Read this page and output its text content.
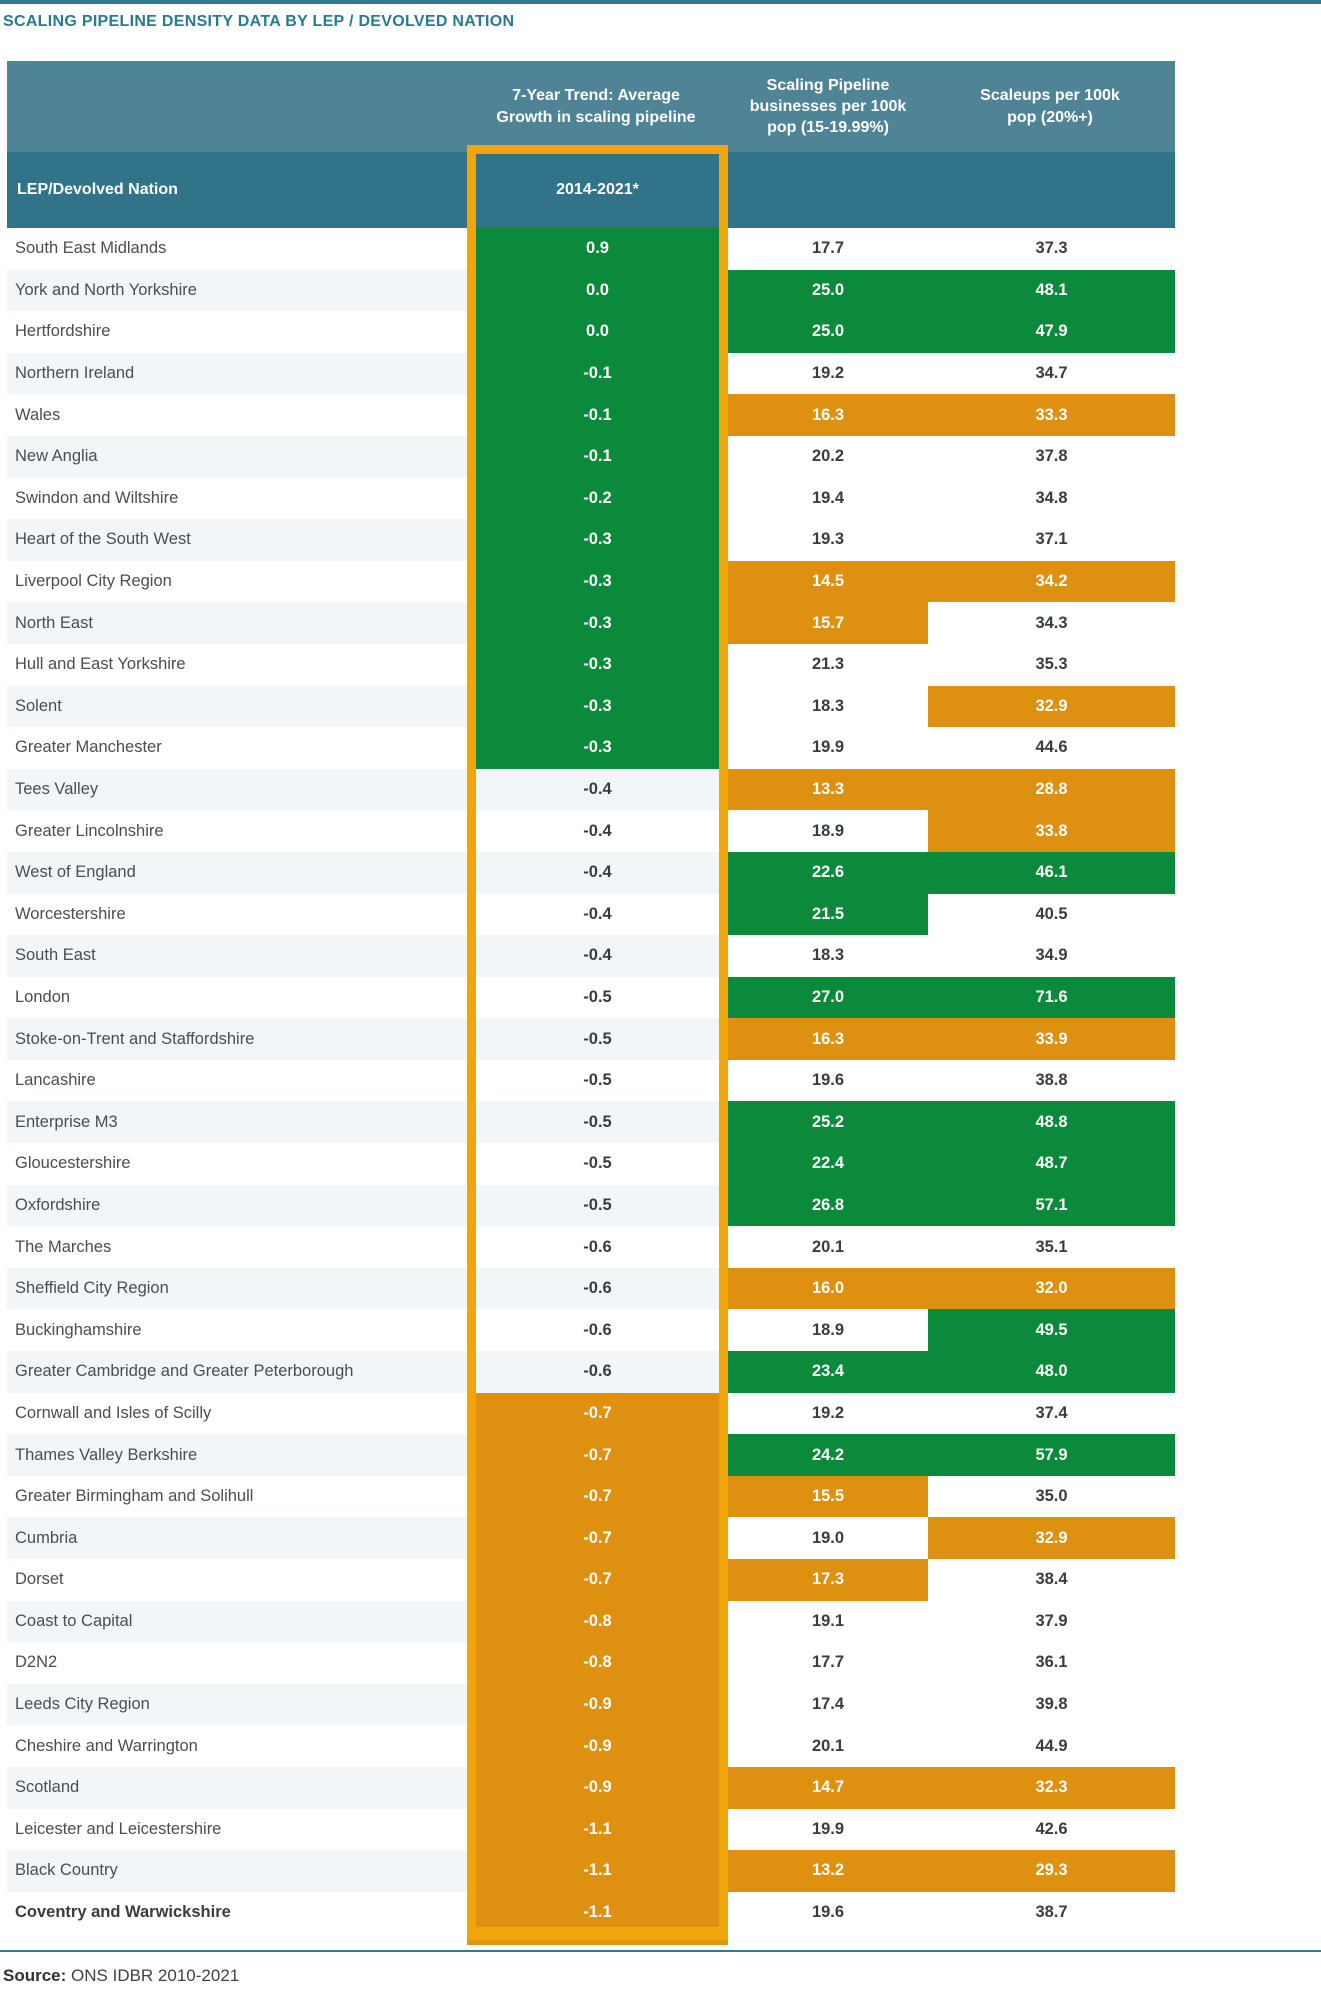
SCALING PIPELINE DENSITY DATA BY LEP / DEVOLVED NATION
7-Year Trend: Average Growth in scaling pipeline
Scaling Pipeline businesses per 100k pop (15-19.99%)
Scaleups per 100k pop (20%+)
LEP/Devolved Nation	2014-2021*
South East Midlands	0.9	17.7	37.3
York and North Yorkshire	0.0	25.0	48.1
Hertfordshire	0.0	25.0	47.9
Northern Ireland	-0.1	19.2	34.7
Wales	-0.1	16.3	33.3
New Anglia	-0.1	20.2	37.8
Swindon and Wiltshire	-0.2	19.4	34.8
Heart of the South West	-0.3	19.3	37.1
Liverpool City Region	-0.3	14.5	34.2
North East	-0.3	15.7	34.3
Hull and East Yorkshire	-0.3	21.3	35.3
Solent	-0.3	18.3	32.9
Greater Manchester	-0.3	19.9	44.6
Tees Valley	-0.4	13.3	28.8
Greater Lincolnshire	-0.4	18.9	33.8
West of England	-0.4	22.6	46.1
Worcestershire	-0.4	21.5	40.5
South East	-0.4	18.3	34.9
London	-0.5	27.0	71.6
Stoke-on-Trent and Staffordshire	-0.5	16.3	33.9
Lancashire	-0.5	19.6	38.8
Enterprise M3	-0.5	25.2	48.8
Gloucestershire	-0.5	22.4	48.7
Oxfordshire	-0.5	26.8	57.1
The Marches	-0.6	20.1	35.1
Sheffield City Region	-0.6	16.0	32.0
Buckinghamshire	-0.6	18.9	49.5
Greater Cambridge and Greater Peterborough	-0.6	23.4	48.0
Cornwall and Isles of Scilly	-0.7	19.2	37.4
Thames Valley Berkshire	-0.7	24.2	57.9
Greater Birmingham and Solihull	-0.7	15.5	35.0
Cumbria	-0.7	19.0	32.9
Dorset	-0.7	17.3	38.4
Coast to Capital	-0.8	19.1	37.9
D2N2	-0.8	17.7	36.1
Leeds City Region	-0.9	17.4	39.8
Cheshire and Warrington	-0.9	20.1	44.9
Scotland	-0.9	14.7	32.3
Leicester and Leicestershire	-1.1	19.9	42.6
Black Country	-1.1	13.2	29.3
Coventry and Warwickshire	-1.1	19.6	38.7
Source: ONS IDBR 2010-2021
